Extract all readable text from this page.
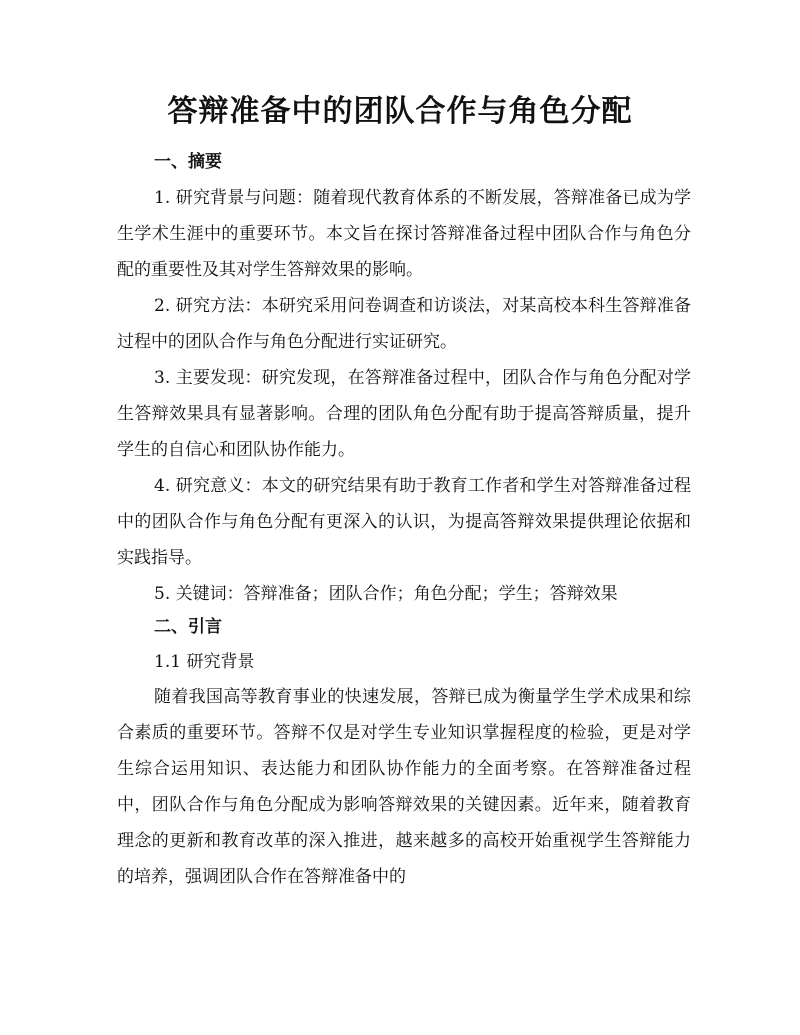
答辩准备中的团队合作与角色分配
一、摘要

1. 研究背景与问题：随着现代教育体系的不断发展，答辩准备已成为学生学术生涯中的重要环节。本文旨在探讨答辩准备过程中团队合作与角色分配的重要性及其对学生答辩效果的影响。

2. 研究方法：本研究采用问卷调查和访谈法，对某高校本科生答辩准备过程中的团队合作与角色分配进行实证研究。

3. 主要发现：研究发现，在答辩准备过程中，团队合作与角色分配对学生答辩效果具有显著影响。合理的团队角色分配有助于提高答辩质量，提升学生的自信心和团队协作能力。

4. 研究意义：本文的研究结果有助于教育工作者和学生对答辩准备过程中的团队合作与角色分配有更深入的认识，为提高答辩效果提供理论依据和实践指导。

5. 关键词：答辩准备；团队合作；角色分配；学生；答辩效果

二、引言
1.1 研究背景

随着我国高等教育事业的快速发展，答辩已成为衡量学生学术成果和综合素质的重要环节。答辩不仅是对学生专业知识掌握程度的检验，更是对学生综合运用知识、表达能力和团队协作能力的全面考察。在答辩准备过程中，团队合作与角色分配成为影响答辩效果的关键因素。近年来，随着教育理念的更新和教育改革的深入推进，越来越多的高校开始重视学生答辩能力的培养，强调团队合作在答辩准备中的
